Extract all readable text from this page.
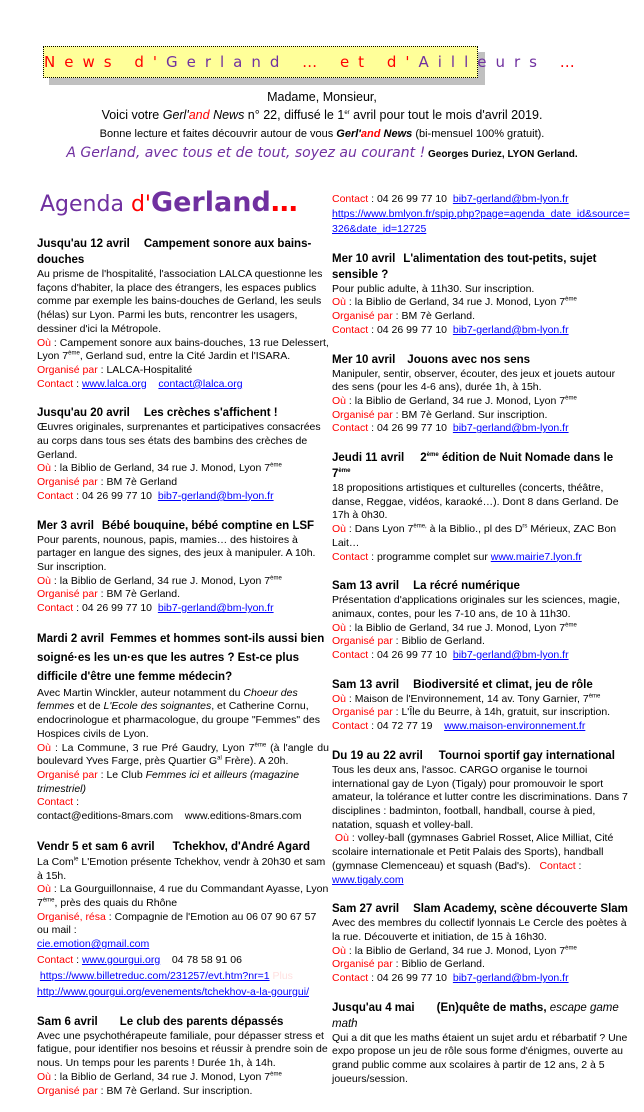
News d'Gerland … et d'Ailleurs …
Madame, Monsieur,
Voici votre Gerl'and News n° 22, diffusé le 1er avril pour tout le mois d'avril 2019.
Bonne lecture et faites découvrir autour de vous Gerl'and News (bi-mensuel 100% gratuit).
A Gerland, avec tous et de tout, soyez au courant ! Georges Duriez, LYON Gerland.
Agenda d'Gerland…
Jusqu'au 12 avril Campement sonore aux bains-douches
Au prisme de l'hospitalité, l'association LALCA questionne les façons d'habiter, la place des étrangers, les espaces publics comme par exemple les bains-douches de Gerland, les seuls (hélas) sur Lyon. Parmi les buts, rencontrer les usagers, dessiner d'ici la Métropole.
Où : Campement sonore aux bains-douches, 13 rue Delessert, Lyon 7ème, Gerland sud, entre la Cité Jardin et l'ISARA.
Organisé par : LALCA-Hospitalité
Contact : www.lalca.org contact@lalca.org
Jusqu'au 20 avril Les crèches s'affichent !
Œuvres originales, surprenantes et participatives consacrées au corps dans tous ses états des bambins des crèches de Gerland.
Où : la Biblio de Gerland, 34 rue J. Monod, Lyon 7ème
Organisé par : BM 7è Gerland
Contact : 04 26 99 77 10 bib7-gerland@bm-lyon.fr
Mer 3 avril Bébé bouquine, bébé comptine en LSF
Pour parents, nounous, papis, mamies… des histoires à partager en langue des signes, des jeux à manipuler. A 10h. Sur inscription.
Où : la Biblio de Gerland, 34 rue J. Monod, Lyon 7ème
Organisé par : BM 7è Gerland.
Contact : 04 26 99 77 10 bib7-gerland@bm-lyon.fr
Mardi 2 avril Femmes et hommes sont-ils aussi bien soigné·es les un·es que les autres ? Est-ce plus difficile d'être une femme médecin?
Avec Martin Winckler, auteur notamment du Choeur des femmes et de L'Ecole des soignantes, et Catherine Cornu, endocrinologue et pharmacologue, du groupe "Femmes" des Hospices civils de Lyon.
Où : La Commune, 3 rue Pré Gaudry, Lyon 7ème (à l'angle du boulevard Yves Farge, près Quartier $G^{al}$ Frère). A 20h.
Organisé par : Le Club Femmes ici et ailleurs (magazine trimestriel)
Contact : contact@editions-8mars.com    www.editions-8mars.com
Vendr 5 et sam 6 avril Tchekhov, d'André Agard
La Com$^{ie}$ L'Emotion présente Tchekhov, vendr à 20h30 et sam à 15h.
Où : La Gourguillonnaise, 4 rue du Commandant Ayasse, Lyon 7ème, près des quais du Rhône
Organisé, résa : Compagnie de l'Emotion au 06 07 90 67 57 ou mail :
cie.emotion@gmail.com
Contact : www.gourgui.org 04 78 58 91 06
https://www.billetreduc.com/231257/evt.htm?nr=1 Plus
http://www.gourgui.org/evenements/tchekhov-a-la-gourgui/
Sam 6 avril Le club des parents dépassés
Avec une psychothérapeute familiale, pour dépasser stress et fatigue, pour identifier nos besoins et réussir à prendre soin de nous. Un temps pour les parents ! Durée 1h, à 14h.
Où : la Biblio de Gerland, 34 rue J. Monod, Lyon 7ème
Organisé par : BM 7è Gerland. Sur inscription.
Contact : 04 26 99 77 10 bib7-gerland@bm-lyon.fr
https://www.bmlyon.fr/spip.php?page=agenda_date_id&source=326&date_id=12725
Mer 10 avril L'alimentation des tout-petits, sujet sensible ?
Pour public adulte, à 11h30. Sur inscription.
Où : la Biblio de Gerland, 34 rue J. Monod, Lyon 7ème
Organisé par : BM 7è Gerland.
Contact : 04 26 99 77 10 bib7-gerland@bm-lyon.fr
Mer 10 avril Jouons avec nos sens
Manipuler, sentir, observer, écouter, des jeux et jouets autour des sens (pour les 4-6 ans), durée 1h, à 15h.
Où : la Biblio de Gerland, 34 rue J. Monod, Lyon 7ème
Organisé par : BM 7è Gerland. Sur inscription.
Contact : 04 26 99 77 10 bib7-gerland@bm-lyon.fr
Jeudi 11 avril 2ème édition de Nuit Nomade dans le 7ème
18 propositions artistiques et culturelles (concerts, théâtre, danse, Reggae, vidéos, karaoké…). Dont 8 dans Gerland. De 17h à 0h30.
Où : Dans Lyon $7^{ème,}$ à la Biblio., pl des $D^{rs}$ Mérieux, ZAC Bon Lait…
Contact : programme complet sur www.mairie7.lyon.fr
Sam 13 avril La récré numérique
Présentation d'applications originales sur les sciences, magie, animaux, contes, pour les 7-10 ans, de 10 à 11h30.
Où : la Biblio de Gerland, 34 rue J. Monod, Lyon 7ème
Organisé par : Biblio de Gerland.
Contact : 04 26 99 77 10 bib7-gerland@bm-lyon.fr
Sam 13 avril Biodiversité et climat, jeu de rôle
Où : Maison de l'Environnement, 14 av. Tony Garnier, 7ème
Organisé par : L'Île du Beurre, à 14h, gratuit, sur inscription.
Contact : 04 72 77 19 www.maison-environnement.fr
Du 19 au 22 avril Tournoi sportif gay international
Tous les deux ans, l'assoc. CARGO organise le tournoi international gay de Lyon (Tigaly) pour promouvoir le sport amateur, la tolérance et lutter contre les discriminations. Dans 7 disciplines : badminton, football, handball, course à pied, natation, squash et volley-ball.
Où : volley-ball (gymnases Gabriel Rosset, Alice Milliat, Cité scolaire internationale et Petit Palais des Sports), handball (gymnase Clemenceau) et squash (Bad's). Contact : www.tigaly.com
Sam 27 avril Slam Academy, scène découverte Slam
Avec des membres du collectif lyonnais Le Cercle des poètes à la rue. Découverte et initiation, de 15 à 16h30.
Où : la Biblio de Gerland, 34 rue J. Monod, Lyon 7ème
Organisé par : Biblio de Gerland.
Contact : 04 26 99 77 10 bib7-gerland@bm-lyon.fr
Jusqu'au 4 mai (En)quête de maths, escape game math
Qui a dit que les maths étaient un sujet ardu et rébarbatif ? Une expo propose un jeu de rôle sous forme d'énigmes, ouverte au grand public comme aux scolaires à partir de 12 ans, 2 à 5 joueurs/session.
